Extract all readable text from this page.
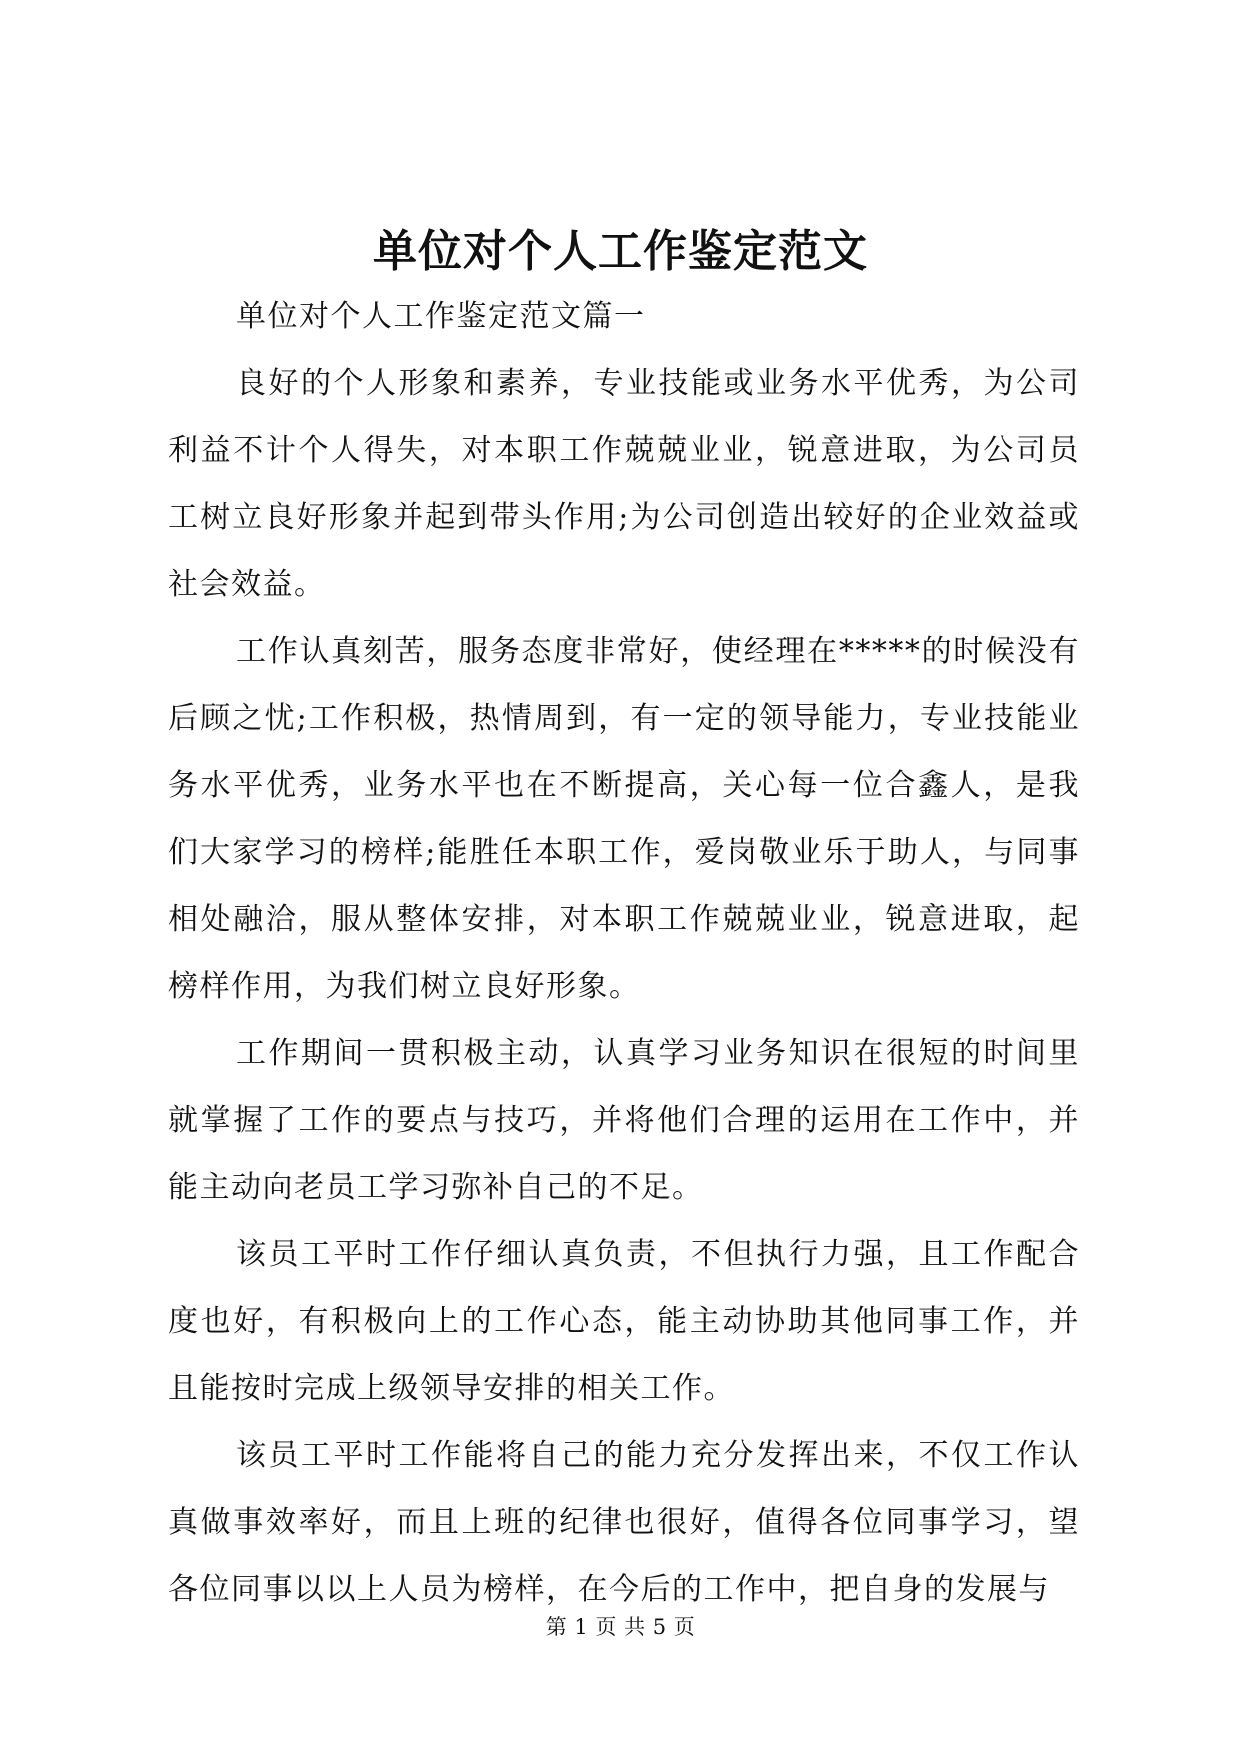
单位对个人工作鉴定范文

单位对个人工作鉴定范文篇一

良好的个人形象和素养，专业技能或业务水平优秀，为公司利益不计个人得失，对本职工作兢兢业业，锐意进取，为公司员工树立良好形象并起到带头作用;为公司创造出较好的企业效益或社会效益。

工作认真刻苦，服务态度非常好，使经理在*****的时候没有后顾之忧;工作积极，热情周到，有一定的领导能力，专业技能业务水平优秀，业务水平也在不断提高，关心每一位合鑫人，是我们大家学习的榜样;能胜任本职工作，爱岗敬业乐于助人，与同事相处融洽，服从整体安排，对本职工作兢兢业业，锐意进取，起榜样作用，为我们树立良好形象。

工作期间一贯积极主动，认真学习业务知识在很短的时间里就掌握了工作的要点与技巧，并将他们合理的运用在工作中，并能主动向老员工学习弥补自己的不足。

该员工平时工作仔细认真负责，不但执行力强，且工作配合度也好，有积极向上的工作心态，能主动协助其他同事工作，并且能按时完成上级领导安排的相关工作。

该员工平时工作能将自己的能力充分发挥出来，不仅工作认真做事效率好，而且上班的纪律也很好，值得各位同事学习，望各位同事以以上人员为榜样，在今后的工作中，把自身的发展与

第 1 页 共 5 页
